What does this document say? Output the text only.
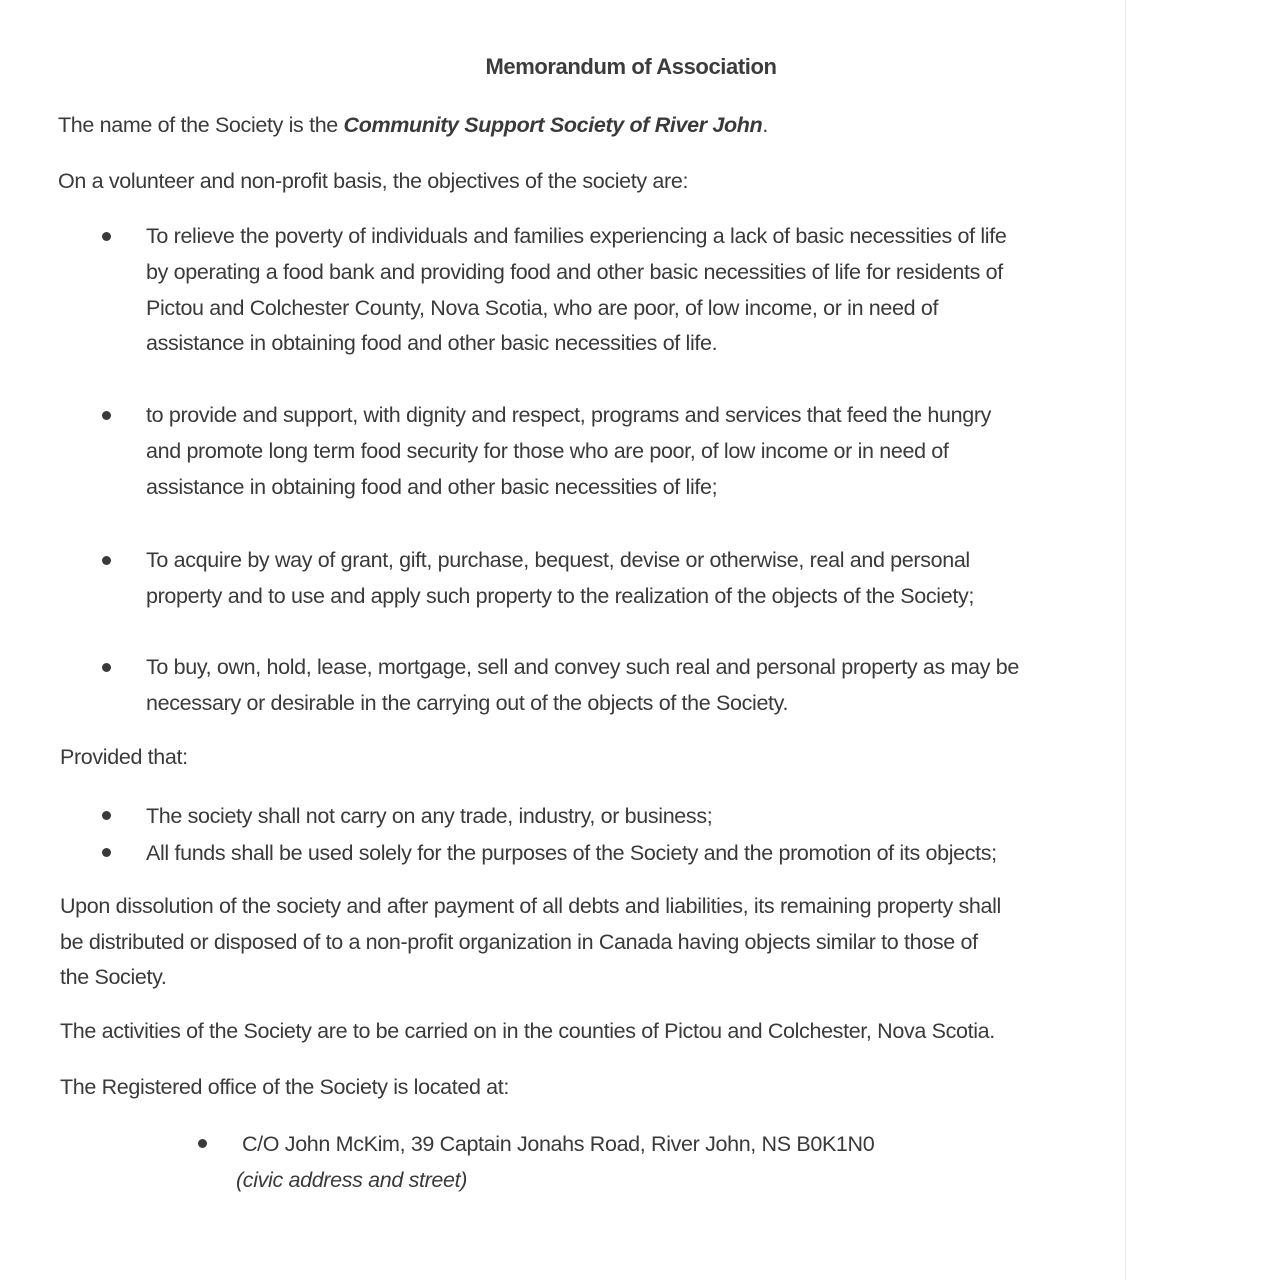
Memorandum of Association
The name of the Society is the Community Support Society of River John.
On a volunteer and non-profit basis, the objectives of the society are:
To relieve the poverty of individuals and families experiencing a lack of basic necessities of life
by operating a food bank and providing food and other basic necessities of life for residents of
Pictou and Colchester County, Nova Scotia, who are poor, of low income, or in need of
assistance in obtaining food and other basic necessities of life.
to provide and support, with dignity and respect, programs and services that feed the hungry
and promote long term food security for those who are poor, of low income or in need of
assistance in obtaining food and other basic necessities of life;
To acquire by way of grant, gift, purchase, bequest, devise or otherwise, real and personal
property and to use and apply such property to the realization of the objects of the Society;
To buy, own, hold, lease, mortgage, sell and convey such real and personal property as may be
necessary or desirable in the carrying out of the objects of the Society.
Provided that:
The society shall not carry on any trade, industry, or business;
All funds shall be used solely for the purposes of the Society and the promotion of its objects;
Upon dissolution of the society and after payment of all debts and liabilities, its remaining property shall
be distributed or disposed of to a non-profit organization in Canada having objects similar to those of
the Society.
The activities of the Society are to be carried on in the counties of Pictou and Colchester, Nova Scotia.
The Registered office of the Society is located at:
C/O John McKim, 39 Captain Jonahs Road, River John, NS B0K1N0
(civic address and street)
